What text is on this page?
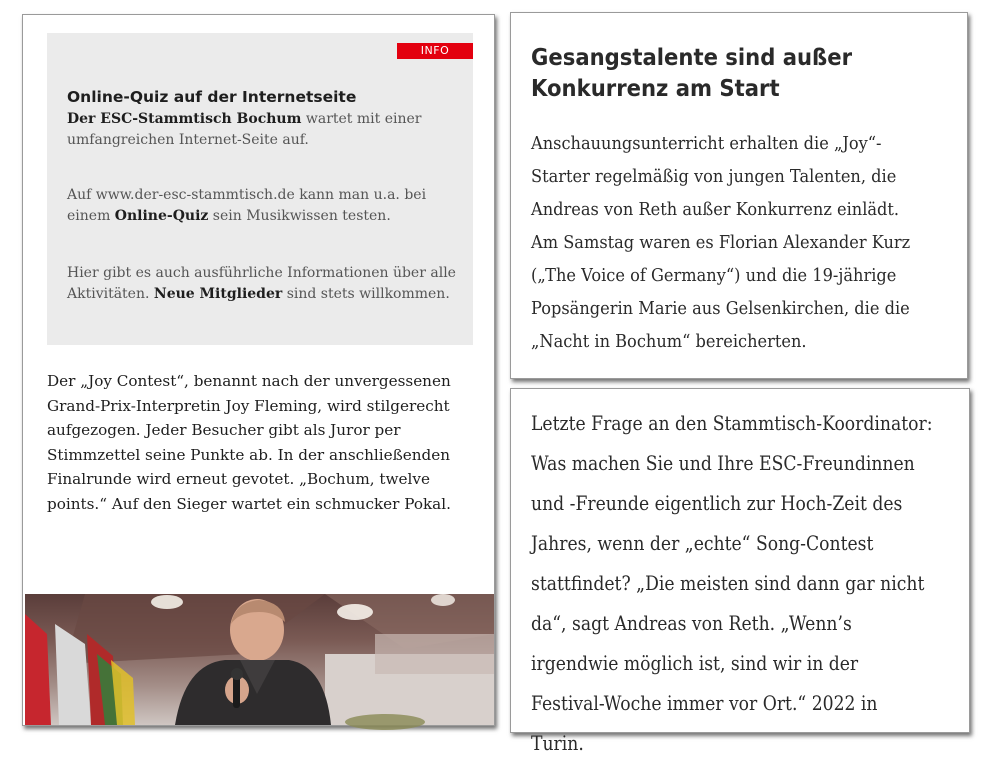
INFO
Online-Quiz auf der Internetseite
Der ESC-Stammtisch Bochum wartet mit einer umfangreichen Internet-Seite auf.
Auf www.der-esc-stammtisch.de kann man u.a. bei einem Online-Quiz sein Musikwissen testen.
Hier gibt es auch ausführliche Informationen über alle Aktivitäten. Neue Mitglieder sind stets willkommen.
Der „Joy Contest“, benannt nach der unvergessenen Grand-Prix-Interpretin Joy Fleming, wird stilgerecht aufgezogen. Jeder Besucher gibt als Juror per Stimmzettel seine Punkte ab. In der anschließenden Finalrunde wird erneut gevotet. „Bochum, twelve points.“ Auf den Sieger wartet ein schmucker Pokal.
Gesangstalente sind außer Konkurrenz am Start
Anschauungsunterricht erhalten die „Joy“-Starter regelmäßig von jungen Talenten, die Andreas von Reth außer Konkurrenz einlädt. Am Samstag waren es Florian Alexander Kurz („The Voice of Germany“) und die 19-jährige Popsängerin Marie aus Gelsenkirchen, die die „Nacht in Bochum“ bereicherten.
Letzte Frage an den Stammtisch-Koordinator: Was machen Sie und Ihre ESC-Freundinnen und -Freunde eigentlich zur Hoch-Zeit des Jahres, wenn der „echte“ Song-Contest stattfindet? „Die meisten sind dann gar nicht da“, sagt Andreas von Reth. „Wenn’s irgendwie möglich ist, sind wir in der Festival-Woche immer vor Ort.“ 2022 in Turin.
